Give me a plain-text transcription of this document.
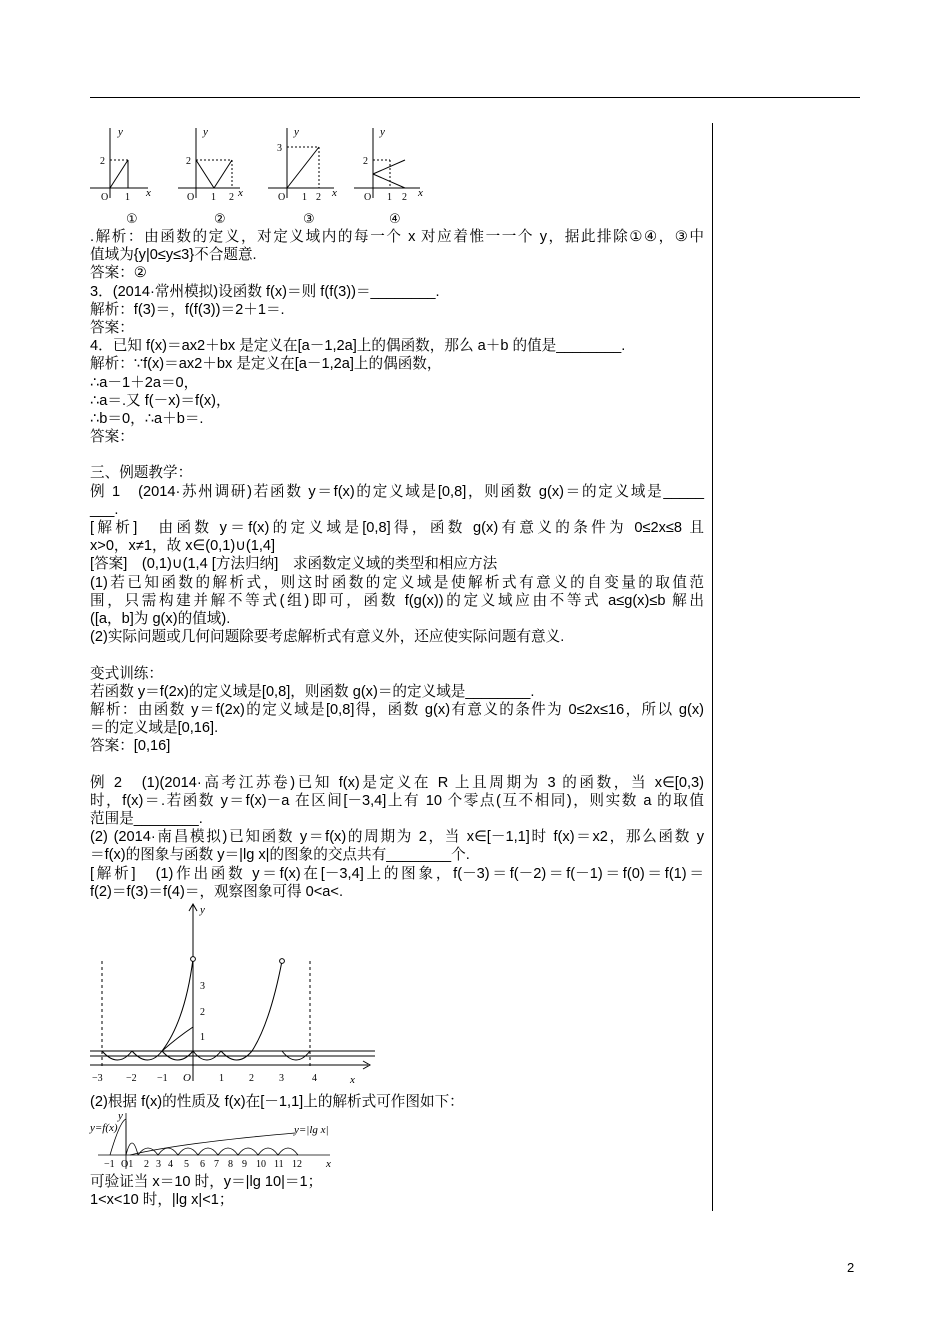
y
x
2
O 1
y
x
2
O 1 2
y
x
3
O 1 2
y
x
2
O 1 2
①	②	③	④
.解析：由函数的定义，对定义域内的每一个 x 对应着惟一一个 y，据此排除①④，③中
值域为{y|0≤y≤3}不合题意.
答案：②
3．(2014·常州模拟)设函数 f(x)＝则 f(f(3))＝________.
解析：f(3)＝，f(f(3))＝2＋1＝.
答案：
4．已知 f(x)＝ax2＋bx 是定义在[a－1,2a]上的偶函数，那么 a＋b 的值是________.
解析：∵f(x)＝ax2＋bx 是定义在[a－1,2a]上的偶函数，
∴a－1＋2a＝0，
∴a＝.又 f(－x)＝f(x)，
∴b＝0，∴a＋b＝.
答案：
三、例题教学：
例 1　(2014·苏州调研)若函数 y＝f(x)的定义域是[0,8]，则函数 g(x)＝的定义域是_____
___.
[解析]　由函数 y＝f(x)的定义域是[0,8]得，函数 g(x)有意义的条件为 0≤2x≤8 且
x>0，x≠1，故 x∈(0,1)∪(1,4]
[答案]　(0,1)∪(1,4 [方法归纳]　求函数定义域的类型和相应方法
(1)若已知函数的解析式，则这时函数的定义域是使解析式有意义的自变量的取值范
围，只需构建并解不等式(组)即可，函数 f(g(x))的定义域应由不等式 a≤g(x)≤b 解出
([a，b]为 g(x)的值域).
(2)实际问题或几何问题除要考虑解析式有意义外，还应使实际问题有意义.
变式训练：
若函数 y＝f(2x)的定义域是[0,8]，则函数 g(x)＝的定义域是________.
解析：由函数 y＝f(2x)的定义域是[0,8]得，函数 g(x)有意义的条件为 0≤2x≤16，所以 g(x)
＝的定义域是[0,16].
答案：[0,16]
例 2　(1)(2014·高考江苏卷)已知 f(x)是定义在 R 上且周期为 3 的函数，当 x∈[0,3)
时，f(x)＝.若函数 y＝f(x)－a 在区间[－3,4]上有 10 个零点(互不相同)，则实数 a 的取值
范围是________.
(2) (2014·南昌模拟)已知函数 y＝f(x)的周期为 2，当 x∈[－1,1]时 f(x)＝x2，那么函数 y
＝f(x)的图象与函数 y＝|lg x|的图象的交点共有________个.
[解析]　(1)作出函数 y＝f(x)在[－3,4]上的图象，f(－3)＝f(－2)＝f(－1)＝f(0)＝f(1)＝
f(2)＝f(3)＝f(4)＝，观察图象可得 0<a<.
y
x
3
2
1
−3 −2 −1 O	1	2	3	4
(2)根据 f(x)的性质及 f(x)在[－1,1]上的解析式可作图如下：
y=f(x)	y=|lg x|
y
x
−1 O1 2 3 4 5 6 7 8 9 10 11 12
可验证当 x＝10 时，y＝|lg 10|＝1；
1<x<10 时，|lg x|<1；
2
